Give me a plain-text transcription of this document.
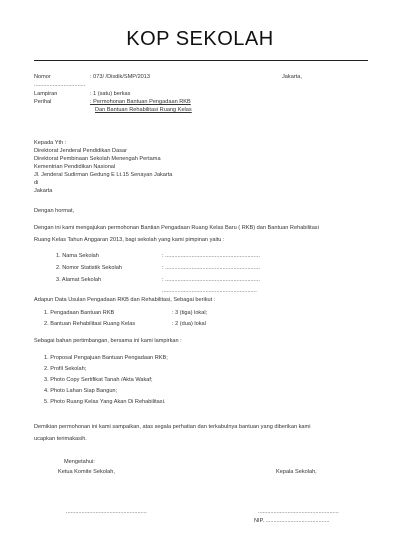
KOP SEKOLAH
Nomor	: 073/ /Disdik/SMP/2013	Jakarta,
.................................
Lampiran	: 1 (satu) berkas
Perihal	: Permohonan Bantuan Pengadaan RKB
Dan Bantuan Rehabilitasi Ruang Kelas
Kepada Yth :
Direktorat Jenderal Pendidikan Dasar
Direktorat Pembinaan Sekolah Menengah Pertama
Kementrian Pendidikan Nasional
Jl. Jenderal Sudirman Gedung E Lt.15 Senayan Jakarta
di
Jakarta
Dengan hormat,
Dengan ini kami mengajukan permohonan Bantian Pengadaan Ruang Kelas Baru ( RKB) dan Bantuan Rehabilitasi
Ruang Kelas Tahun Anggaran 2013, bagi sekolah yang kami pimpinan yaitu :
1. Nama Sekolah	: .............................................................
2. Nomor Statistik Sekolah	: .............................................................
3. Alamat Sekolah	: .............................................................
.............................................................
Adapun Data Usulan Pengadaan RKB dan Rehabilitasi, Sebagai berikut :
1. Pengadaan Bantuan RKB	: 3 (tiga) lokal;
2. Bantuan Rehabilitasi Ruang Kelas	: 2 (dua) lokal
Sebagai bahan pertimbangan, bersama ini kami lampirkan :
1. Proposal Pengajuan Bantuan Pengadaan RKB;
2. Profil Sekolah;
3. Photo Copy Sertifikat Tanah /Akta Wakaf;
4. Photo Lahan Siap Bangun;
5. Photo Ruang Kelas Yang Akan Di Rehabilitasi.
Demikian permohonan ini kami sampaikan, atas segala perhatian dan terkabulnya bantuan yang diberikan kami
ucapkan terimakasih.
Mengetahui:
Ketua Komite Sekolah,	Kepala Sekolah,
....................................................	....................................................
NIP. .........................................
